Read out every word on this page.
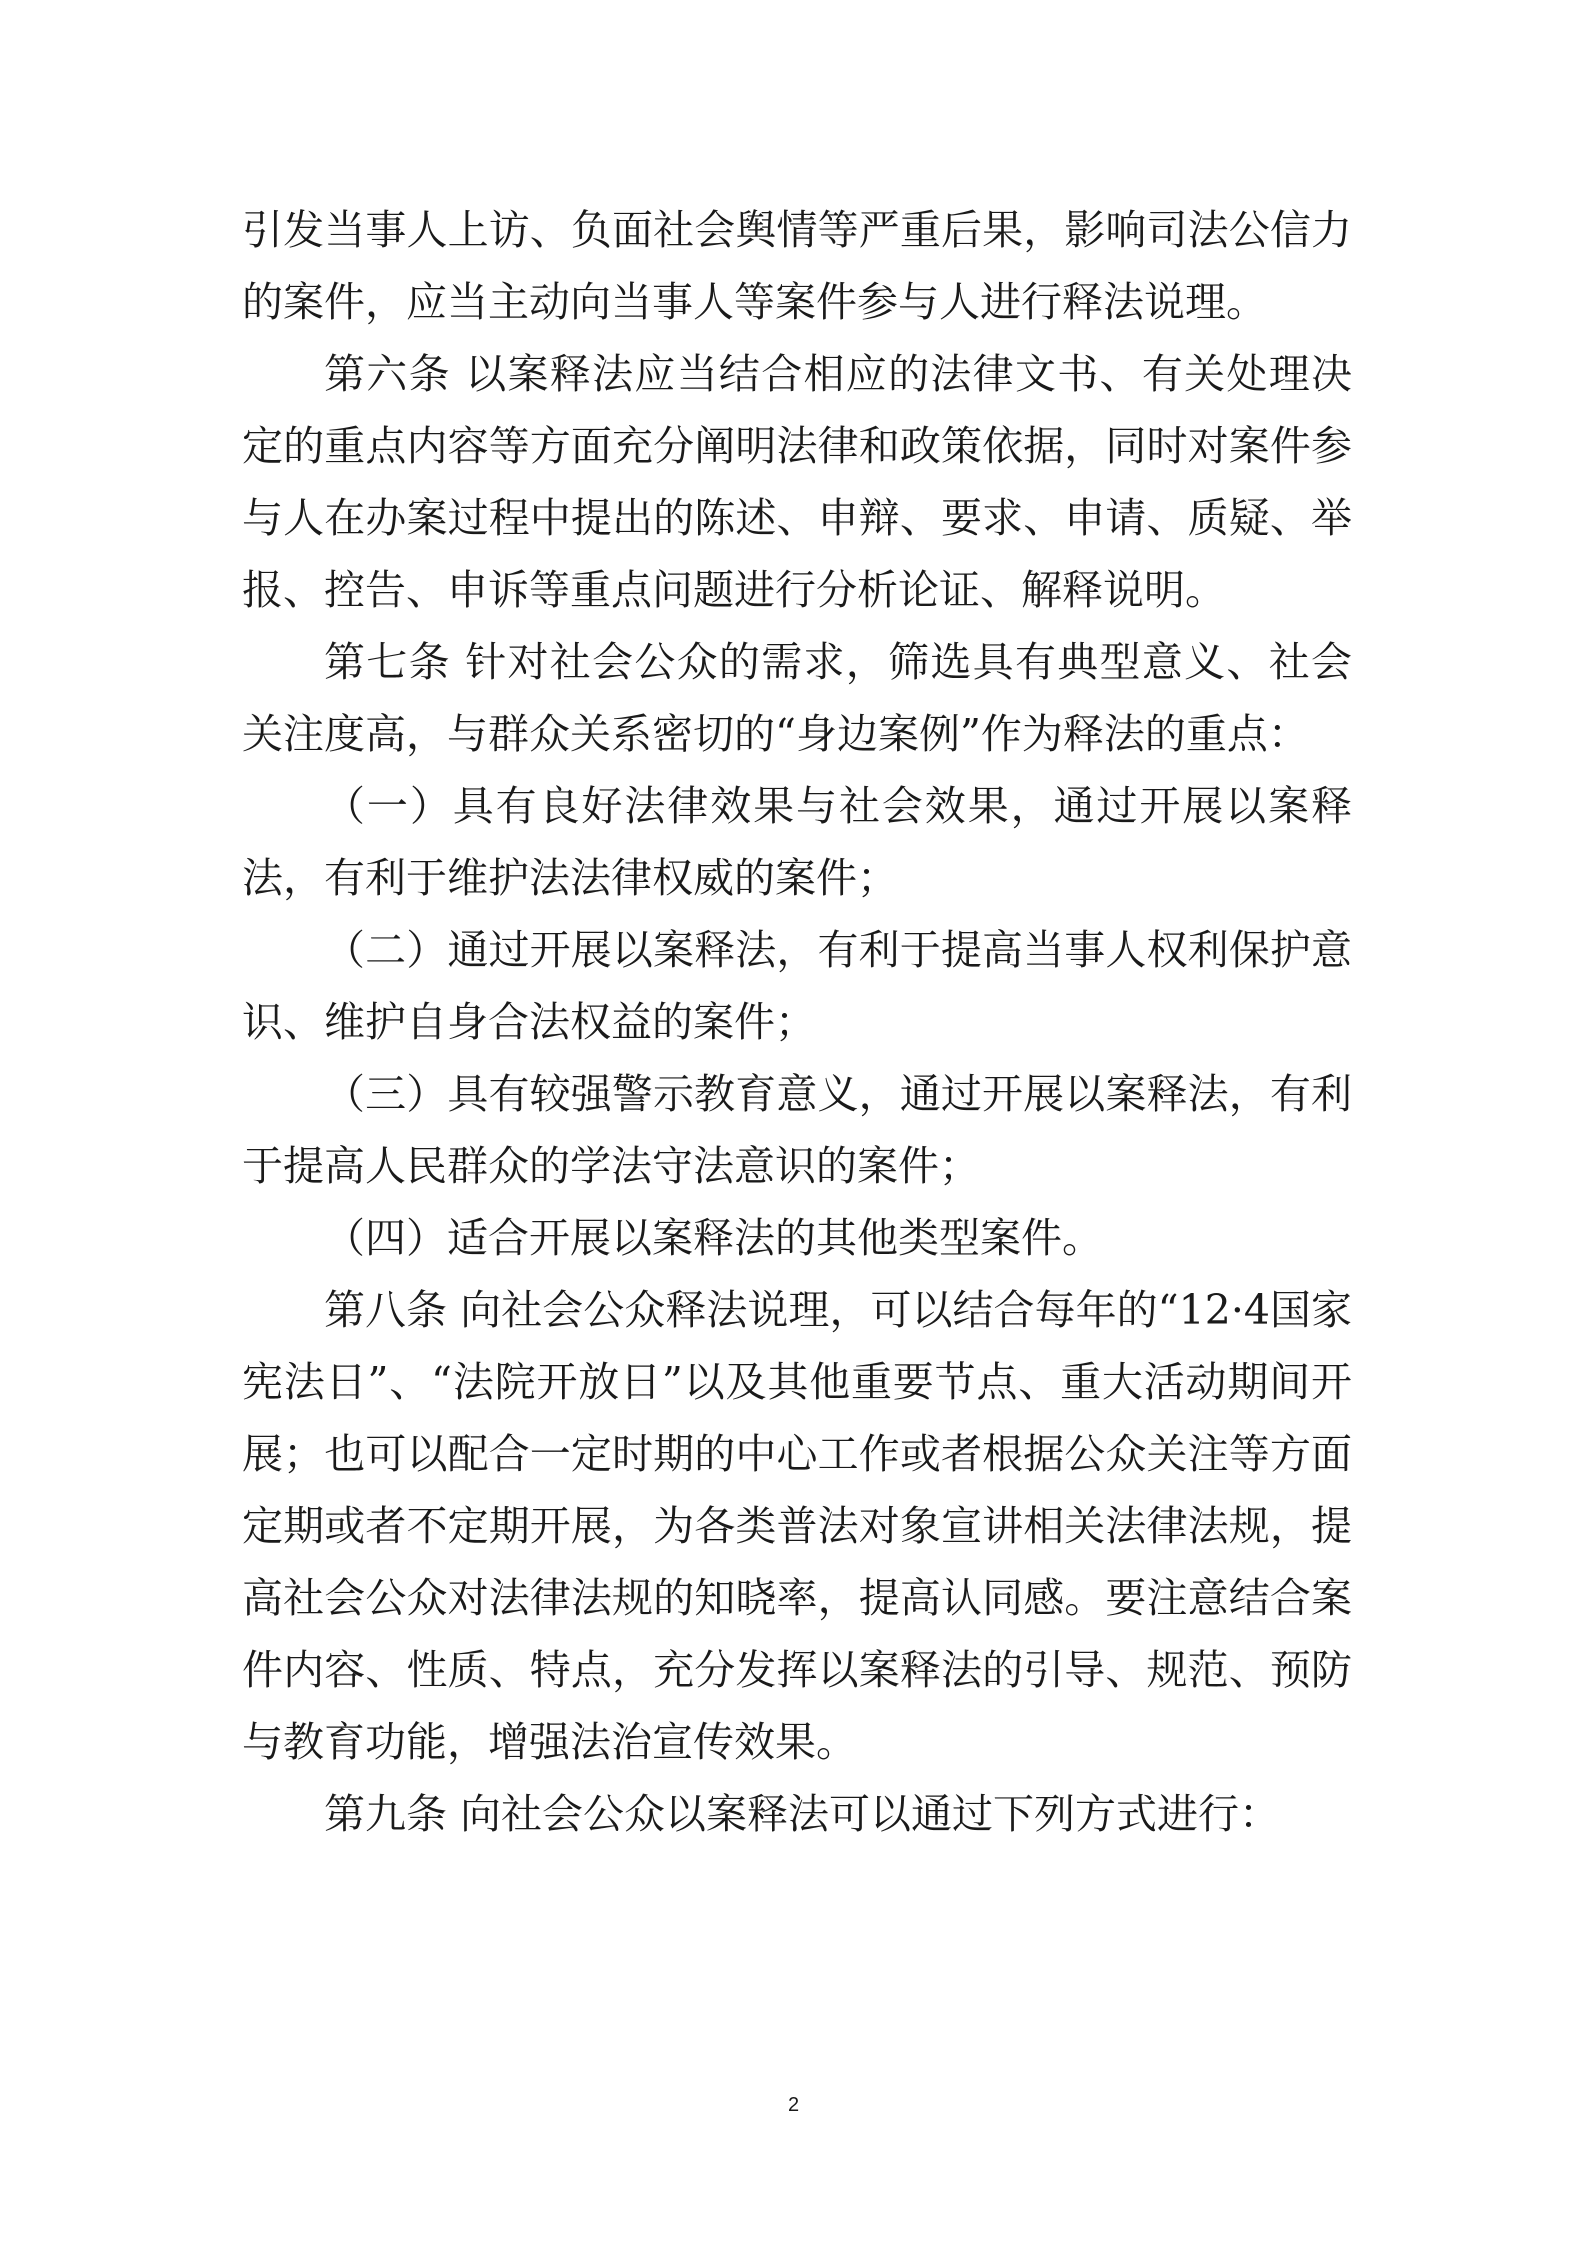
引发当事人上访、负面社会舆情等严重后果，影响司法公信力的案件，应当主动向当事人等案件参与人进行释法说理。

第六条 以案释法应当结合相应的法律文书、有关处理决定的重点内容等方面充分阐明法律和政策依据，同时对案件参与人在办案过程中提出的陈述、申辩、要求、申请、质疑、举报、控告、申诉等重点问题进行分析论证、解释说明。

第七条 针对社会公众的需求，筛选具有典型意义、社会关注度高，与群众关系密切的“身边案例”作为释法的重点：

（一）具有良好法律效果与社会效果，通过开展以案释法，有利于维护法法律权威的案件；

（二）通过开展以案释法，有利于提高当事人权利保护意识、维护自身合法权益的案件；

（三）具有较强警示教育意义，通过开展以案释法，有利于提高人民群众的学法守法意识的案件；

（四）适合开展以案释法的其他类型案件。

第八条 向社会公众释法说理，可以结合每年的“12·4国家宪法日”、“法院开放日”以及其他重要节点、重大活动期间开展；也可以配合一定时期的中心工作或者根据公众关注等方面定期或者不定期开展，为各类普法对象宣讲相关法律法规，提高社会公众对法律法规的知晓率，提高认同感。要注意结合案件内容、性质、特点，充分发挥以案释法的引导、规范、预防与教育功能，增强法治宣传效果。

第九条 向社会公众以案释法可以通过下列方式进行：

2
